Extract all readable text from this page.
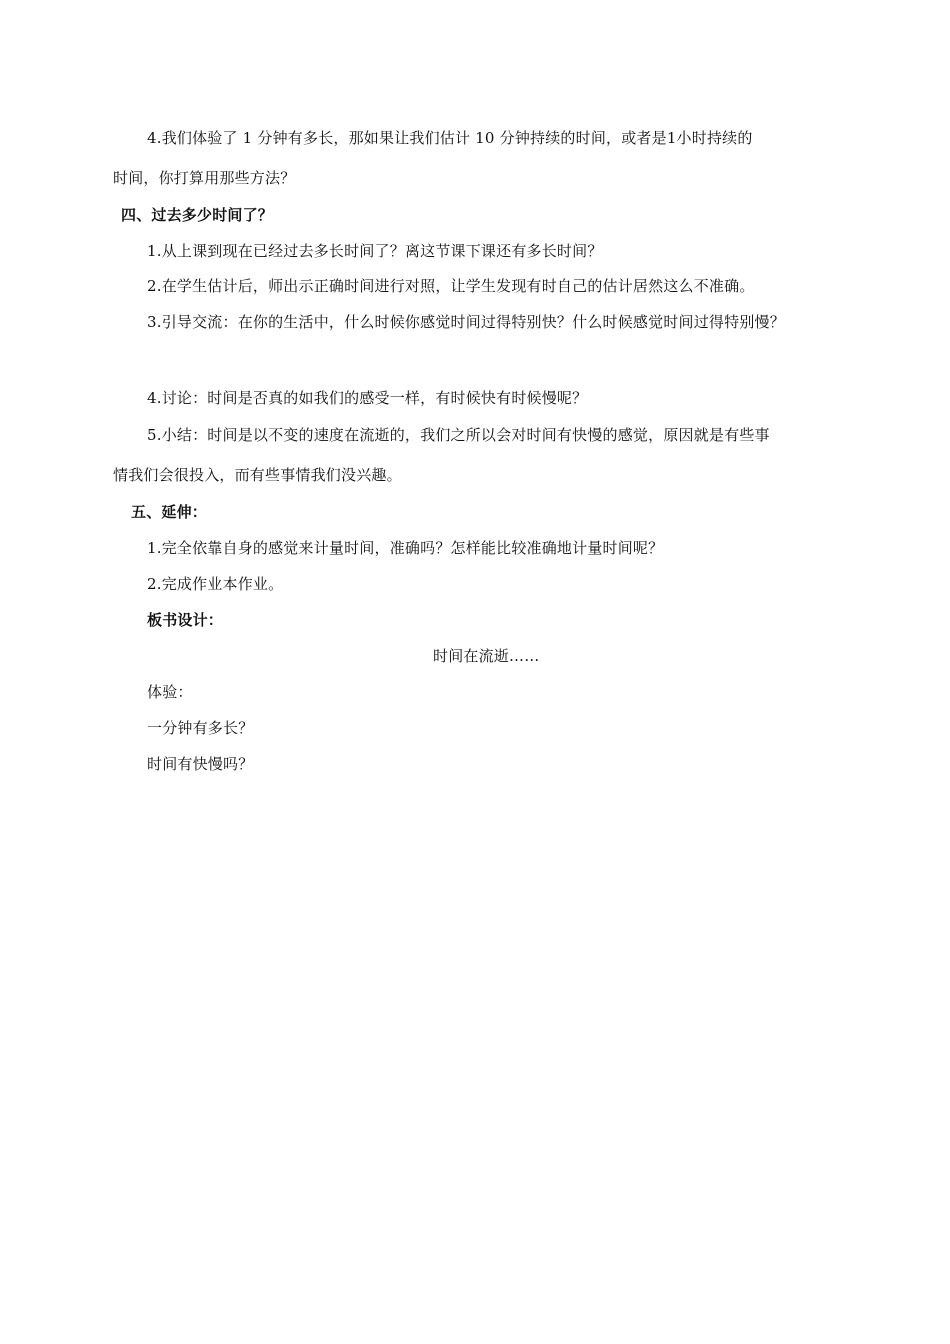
4.我们体验了 1 分钟有多长，那如果让我们估计 10 分钟持续的时间，或者是1小时持续的
时间，你打算用那些方法？
四、过去多少时间了？
1.从上课到现在已经过去多长时间了？离这节课下课还有多长时间？
2.在学生估计后，师出示正确时间进行对照，让学生发现有时自己的估计居然这么不准确。
3.引导交流：在你的生活中，什么时候你感觉时间过得特别快？什么时候感觉时间过得特别慢？
4.讨论：时间是否真的如我们的感受一样，有时候快有时候慢呢？
5.小结：时间是以不变的速度在流逝的，我们之所以会对时间有快慢的感觉，原因就是有些事
情我们会很投入，而有些事情我们没兴趣。
五、延伸：
1.完全依靠自身的感觉来计量时间，准确吗？怎样能比较准确地计量时间呢？
2.完成作业本作业。
板书设计：
时间在流逝……
体验：
一分钟有多长？
时间有快慢吗？
